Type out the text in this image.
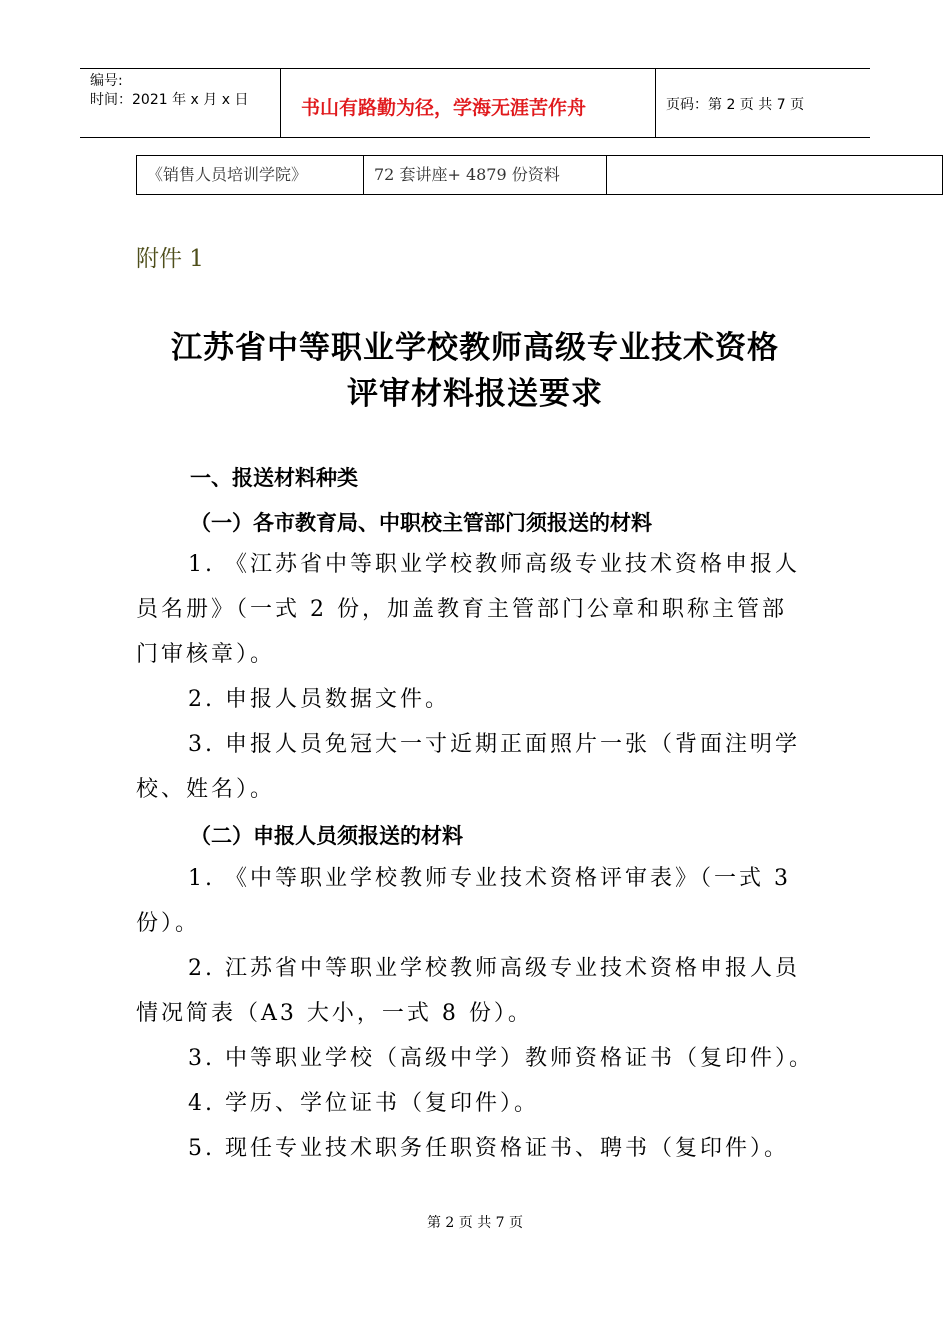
编号:
时间：2021 年 x 月 x 日	书山有路勤为径，学海无涯苦作舟	页码：第 2 页 共 7 页
《销售人员培训学院》	72 套讲座+ 4879 份资料
附件 1
江苏省中等职业学校教师高级专业技术资格
评审材料报送要求
一、报送材料种类
（一）各市教育局、中职校主管部门须报送的材料
1. 《江苏省中等职业学校教师高级专业技术资格申报人
员名册》（一式 2 份，加盖教育主管部门公章和职称主管部
门审核章）。
2. 申报人员数据文件。
3. 申报人员免冠大一寸近期正面照片一张（背面注明学
校、姓名）。
（二）申报人员须报送的材料
1. 《中等职业学校教师专业技术资格评审表》（一式 3
份）。
2. 江苏省中等职业学校教师高级专业技术资格申报人员
情况简表（A3 大小，一式 8 份）。
3. 中等职业学校（高级中学）教师资格证书（复印件）。
4. 学历、学位证书（复印件）。
5. 现任专业技术职务任职资格证书、聘书（复印件）。
第 2 页 共 7 页
